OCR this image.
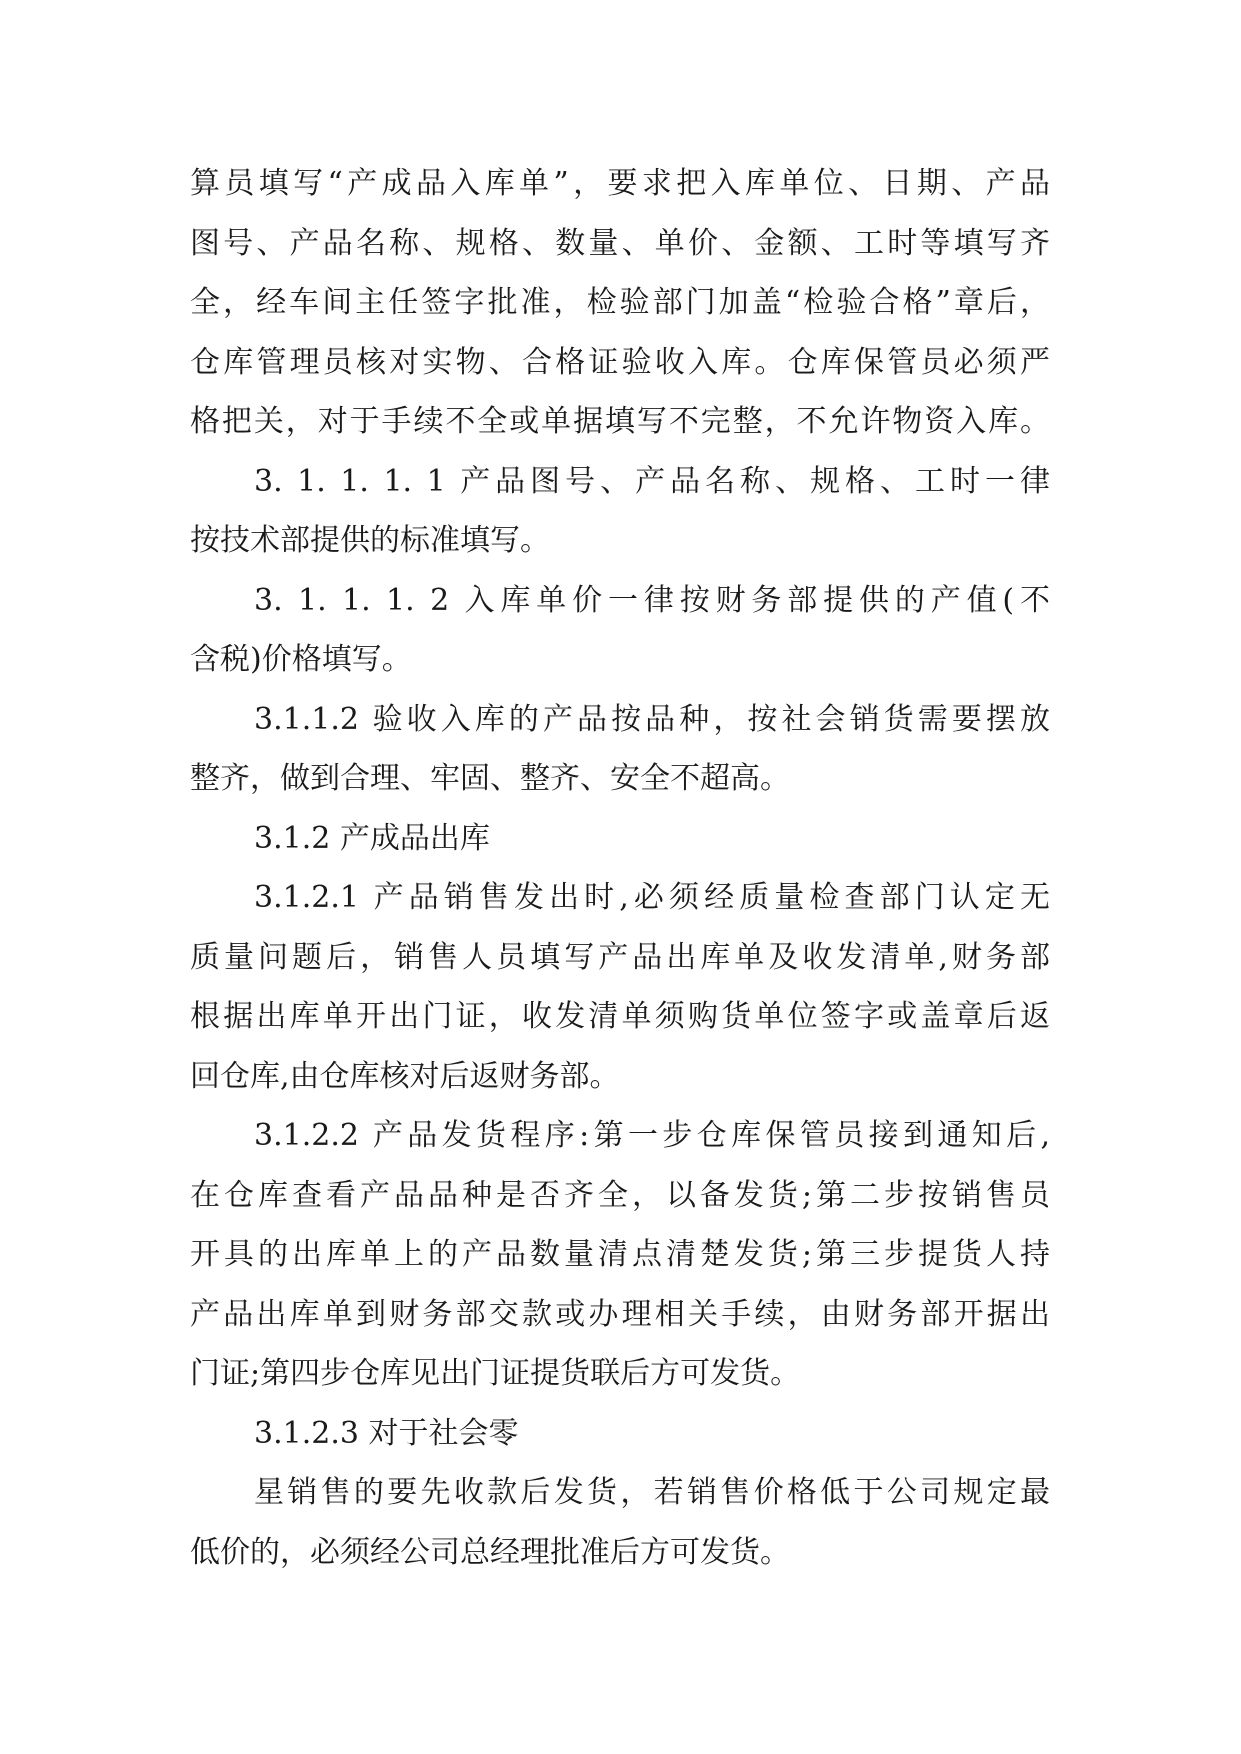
算员填写“产成品入库单”，要求把入库单位、日期、产品

图号、产品名称、规格、数量、单价、金额、工时等填写齐

全，经车间主任签字批准，检验部门加盖“检验合格”章后，

仓库管理员核对实物、合格证验收入库。仓库保管员必须严

格把关，对于手续不全或单据填写不完整，不允许物资入库。

3. 1. 1. 1. 1 产品图号、产品名称、规格、工时一律

按技术部提供的标准填写。

3. 1. 1. 1. 2 入库单价一律按财务部提供的产值(不

含税)价格填写。

3.1.1.2 验收入库的产品按品种，按社会销货需要摆放

整齐，做到合理、牢固、整齐、安全不超高。

3.1.2 产成品出库

3.1.2.1 产品销售发出时,必须经质量检查部门认定无

质量问题后，销售人员填写产品出库单及收发清单,财务部

根据出库单开出门证，收发清单须购货单位签字或盖章后返

回仓库,由仓库核对后返财务部。

3.1.2.2 产品发货程序:第一步仓库保管员接到通知后,

在仓库查看产品品种是否齐全，以备发货;第二步按销售员

开具的出库单上的产品数量清点清楚发货;第三步提货人持

产品出库单到财务部交款或办理相关手续，由财务部开据出

门证;第四步仓库见出门证提货联后方可发货。

3.1.2.3 对于社会零

星销售的要先收款后发货，若销售价格低于公司规定最

低价的，必须经公司总经理批准后方可发货。
